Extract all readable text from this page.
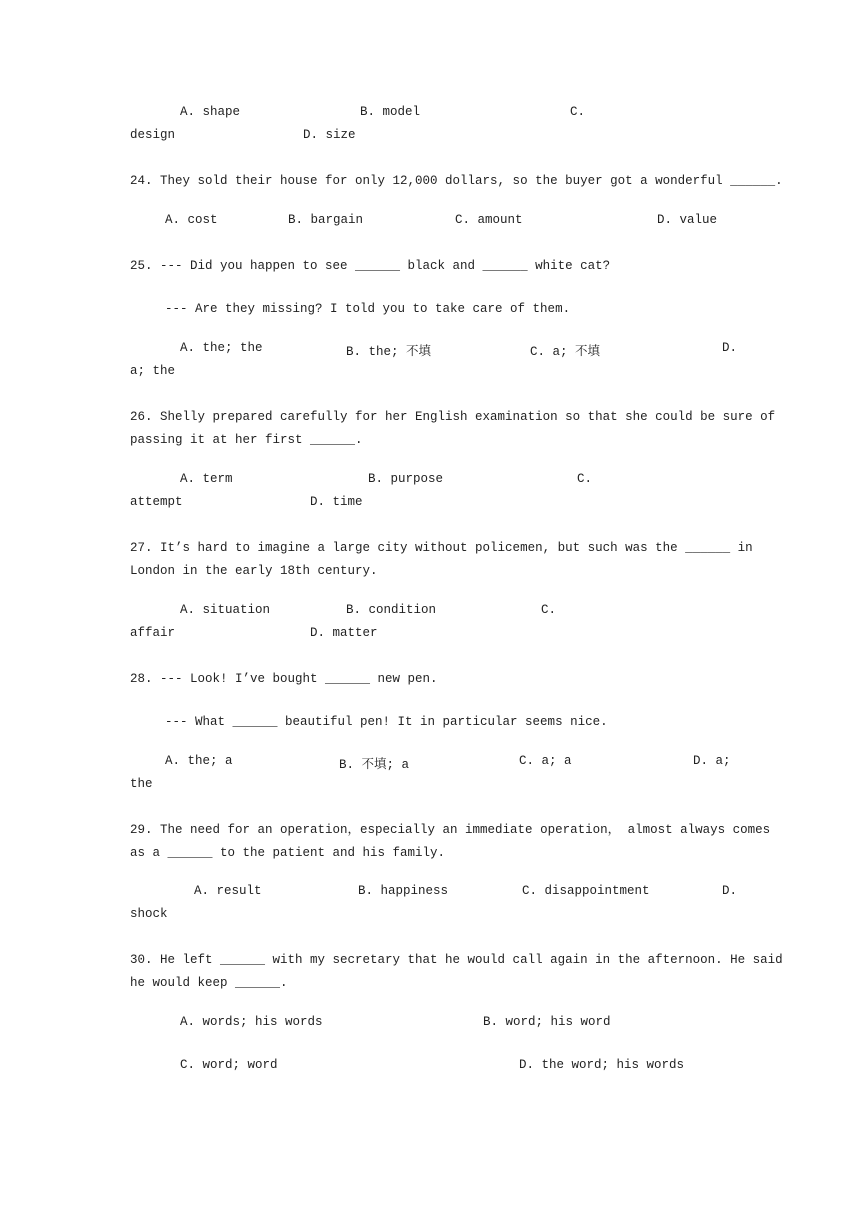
A. shape	B. model	C.
design	D. size
24. They sold their house for only 12,000 dollars, so the buyer got a wonderful ______.
A. cost	B. bargain	C. amount	D. value
25. --- Did you happen to see ______ black and ______ white cat?
--- Are they missing? I told you to take care of them.
A. the; the	B. the; 不填	C. a; 不填	D.
a; the
26. Shelly prepared carefully for her English examination so that she could be sure of
passing it at her first ______.
A. term	B. purpose	C.
attempt	D. time
27. It’s hard to imagine a large city without policemen, but such was the ______ in
London in the early 18th century.
A. situation	B. condition	C.
affair	D. matter
28. --- Look! I’ve bought ______ new pen.
--- What ______ beautiful pen! It in particular seems nice.
A. the; a	B. 不填; a	C. a; a	D. a;
the
29. The need for an operation，especially an immediate operation， almost always comes
as a ______ to the patient and his family.
A. result	B. happiness	C. disappointment	D.
shock
30. He left ______ with my secretary that he would call again in the afternoon. He said
he would keep ______.
A. words; his words	B. word; his word
C. word; word	D. the word; his words
